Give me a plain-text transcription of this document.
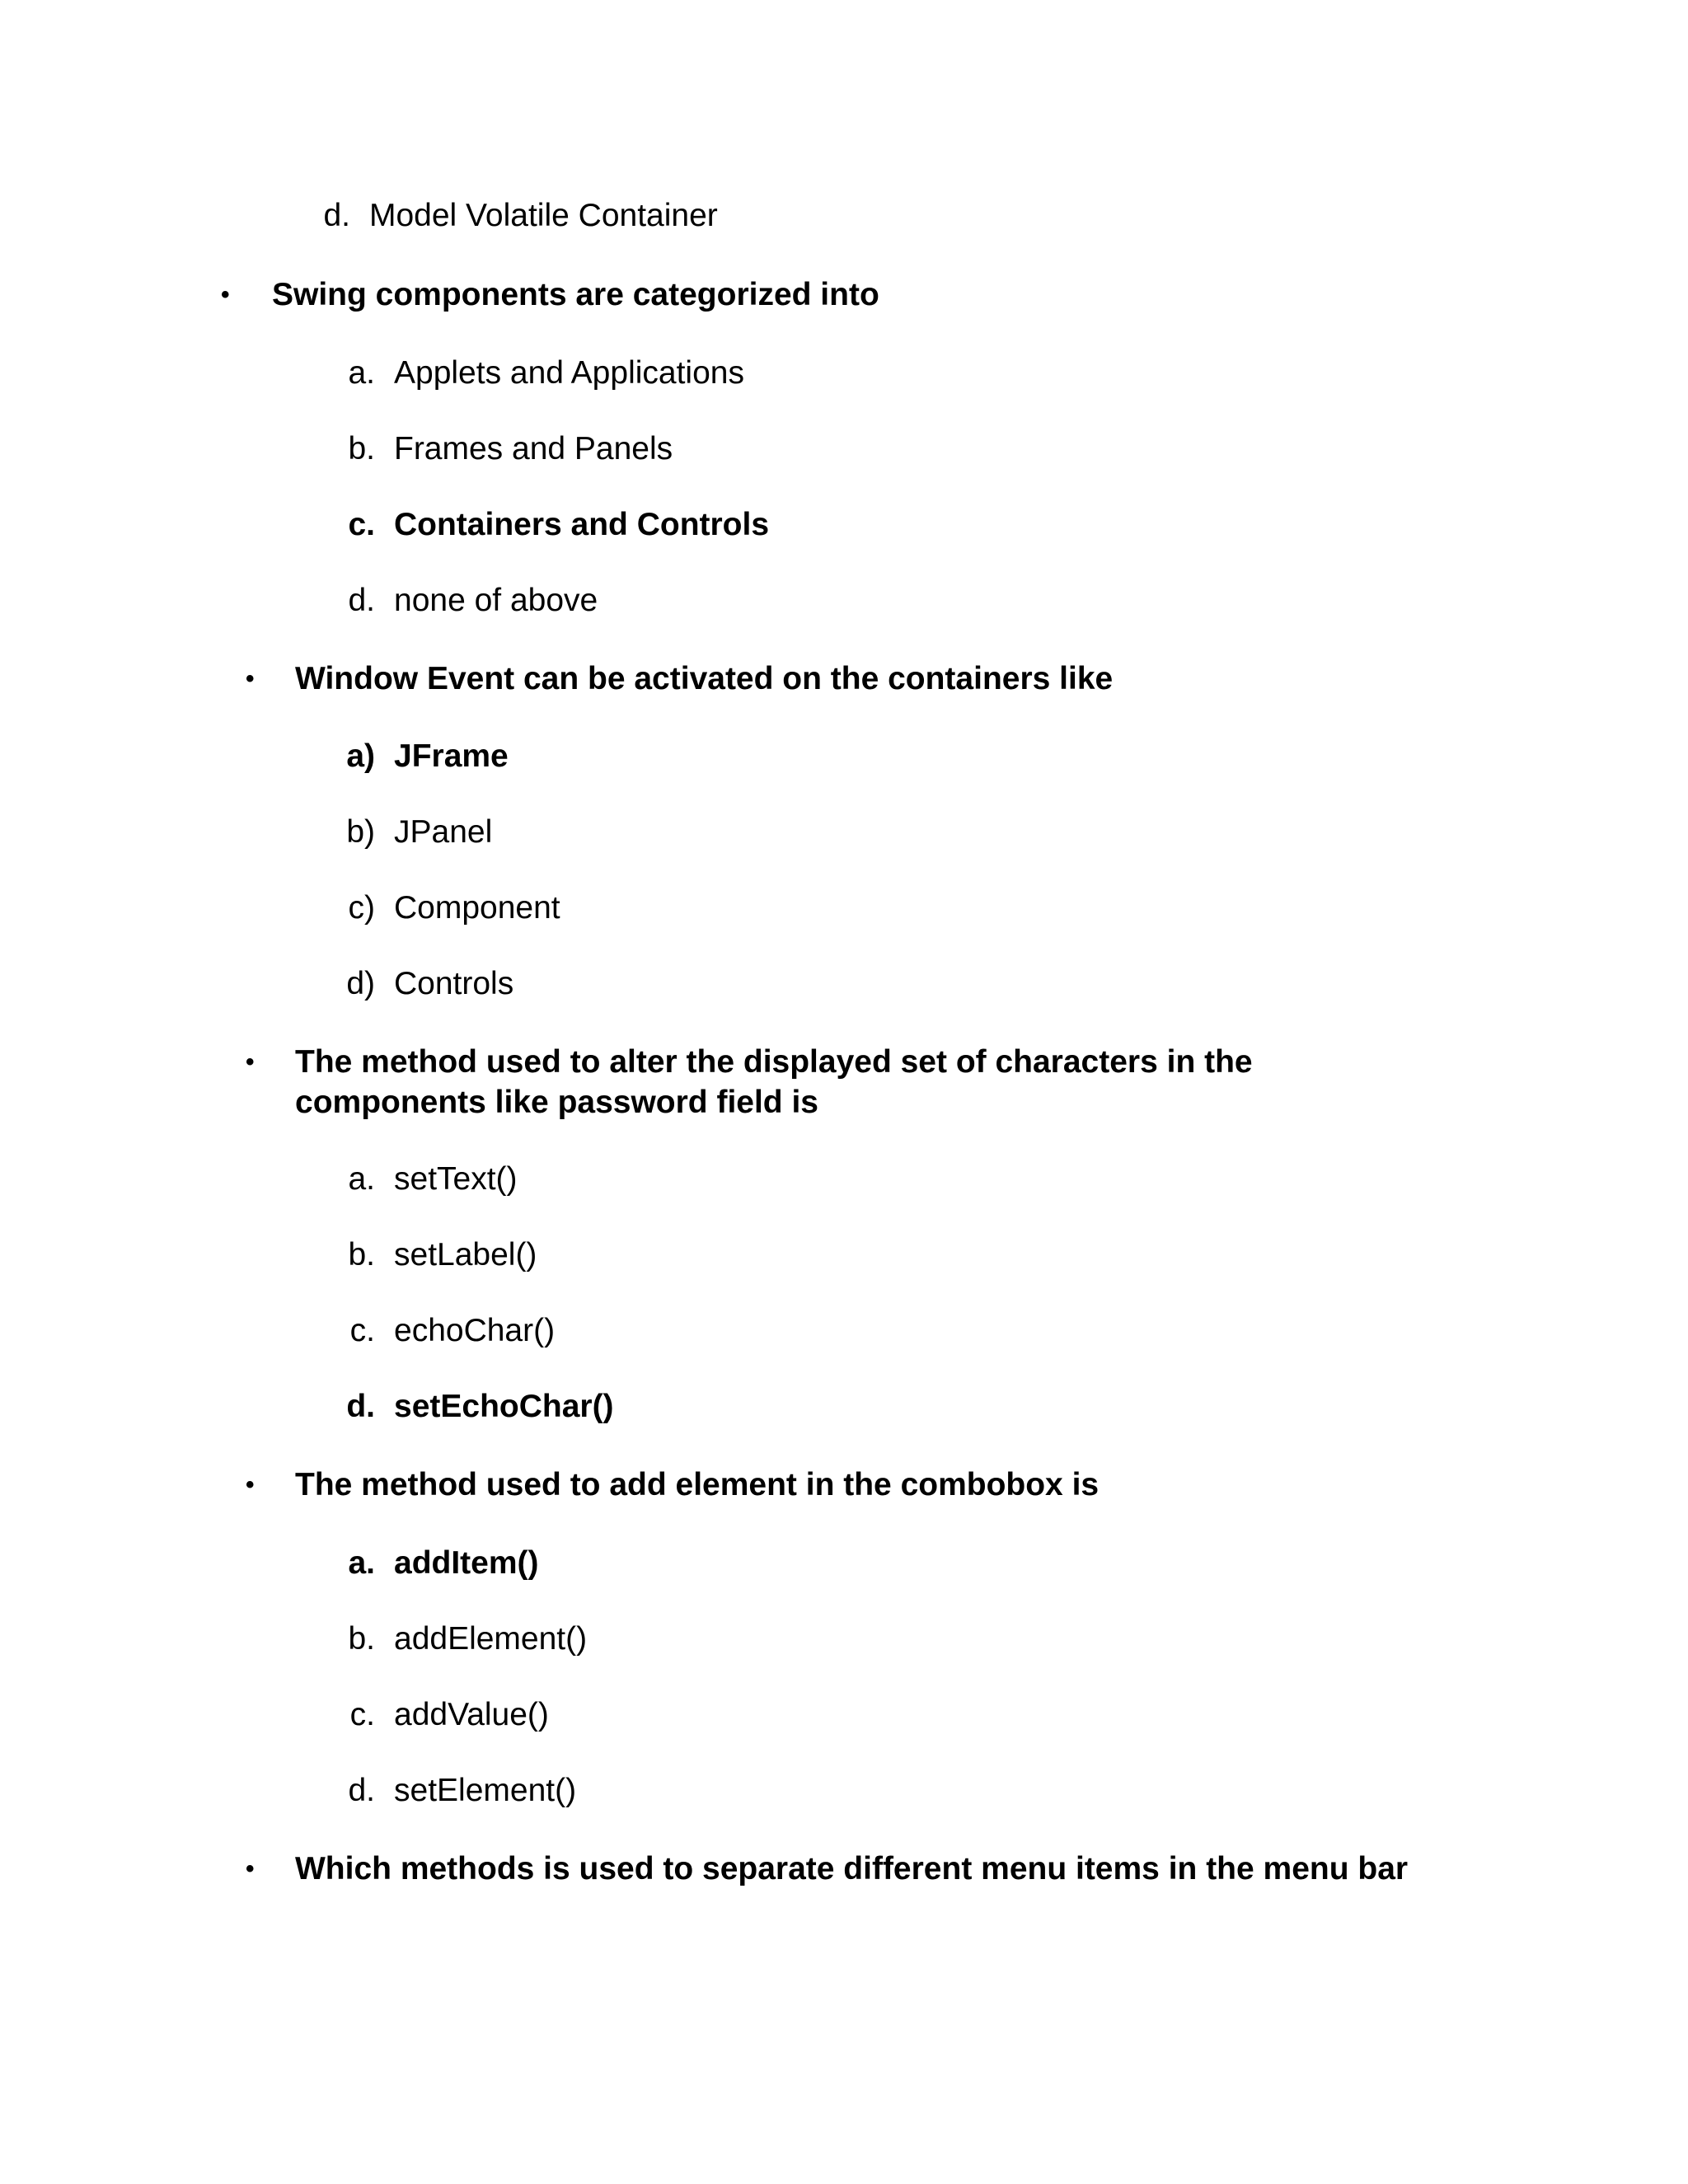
d. Model Volatile Container
• Swing components are categorized into
a. Applets and Applications
b. Frames and Panels
c. Containers and Controls
d. none of above
• Window Event can be activated on the containers like
a) JFrame
b) JPanel
c) Component
d) Controls
• The method used to alter the displayed set of characters in the
components like password field is
a. setText()
b. setLabel()
c. echoChar()
d. setEchoChar()
• The method used to add element in the combobox is
a. addItem()
b. addElement()
c. addValue()
d. setElement()
• Which methods is used to separate different menu items in the menu bar
